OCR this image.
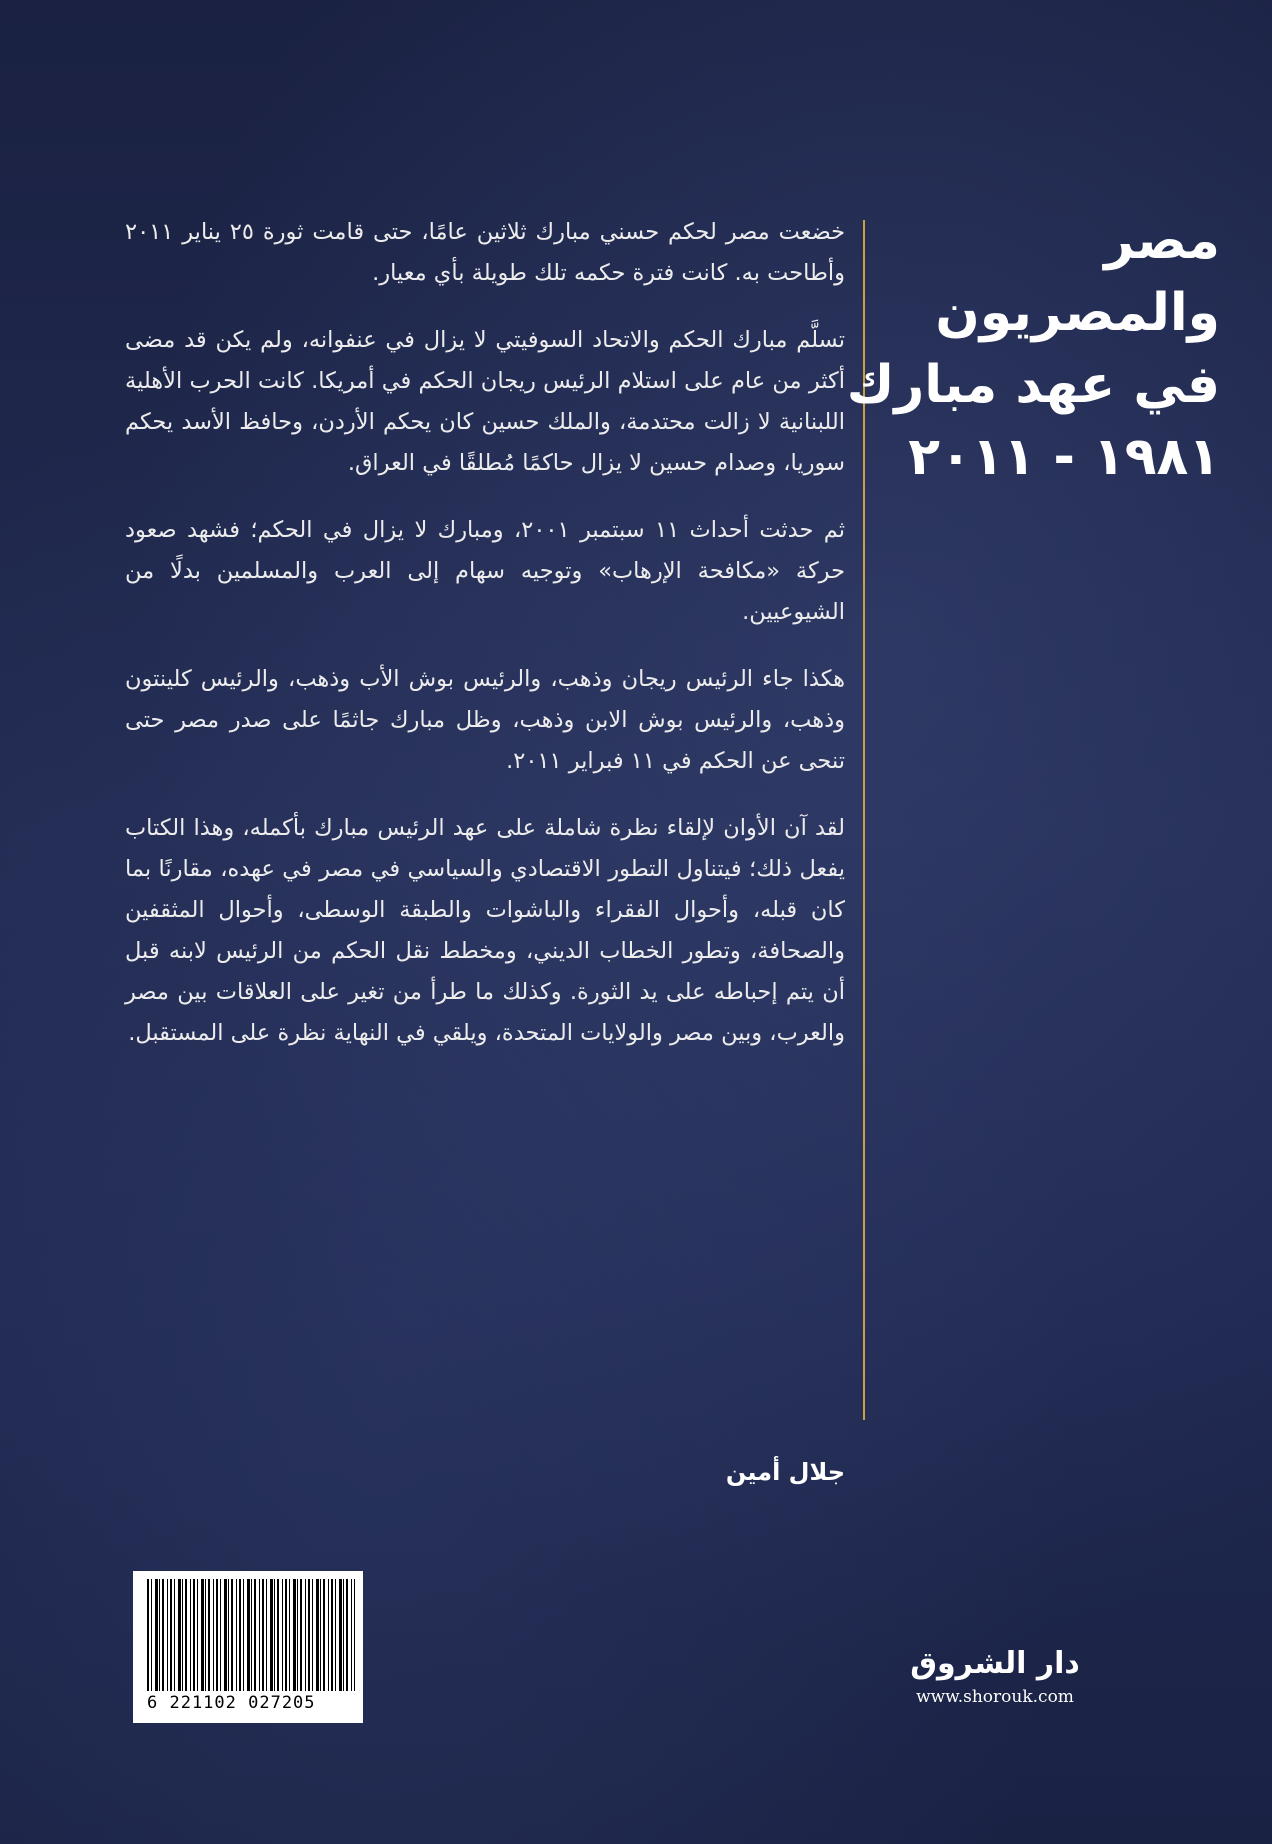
مصر
والمصريون
في عهد مبارك
١٩٨١ - ٢٠١١

خضعت مصر لحكم حسني مبارك ثلاثين عامًا، حتى قامت ثورة ٢٥ يناير ٢٠١١ وأطاحت به. كانت فترة حكمه تلك طويلة بأي معيار.

تسلَّم مبارك الحكم والاتحاد السوفيتي لا يزال في عنفوانه، ولم يكن قد مضى أكثر من عام على استلام الرئيس ريجان الحكم في أمريكا. كانت الحرب الأهلية اللبنانية لا زالت محتدمة، والملك حسين كان يحكم الأردن، وحافظ الأسد يحكم سوريا، وصدام حسين لا يزال حاكمًا مُطلقًا في العراق.

ثم حدثت أحداث ١١ سبتمبر ٢٠٠١، ومبارك لا يزال في الحكم؛ فشهد صعود حركة «مكافحة الإرهاب» وتوجيه سهام إلى العرب والمسلمين بدلًا من الشيوعيين.

هكذا جاء الرئيس ريجان وذهب، والرئيس بوش الأب وذهب، والرئيس كلينتون وذهب، والرئيس بوش الابن وذهب، وظل مبارك جاثمًا على صدر مصر حتى تنحى عن الحكم في ١١ فبراير ٢٠١١.

لقد آن الأوان لإلقاء نظرة شاملة على عهد الرئيس مبارك بأكمله، وهذا الكتاب يفعل ذلك؛ فيتناول التطور الاقتصادي والسياسي في مصر في عهده، مقارنًا بما كان قبله، وأحوال الفقراء والباشوات والطبقة الوسطى، وأحوال المثقفين والصحافة، وتطور الخطاب الديني، ومخطط نقل الحكم من الرئيس لابنه قبل أن يتم إحباطه على يد الثورة. وكذلك ما طرأ من تغير على العلاقات بين مصر والعرب، وبين مصر والولايات المتحدة، ويلقي في النهاية نظرة على المستقبل.

جلال أمين
6 221102 027205
دار الشروق
www.shorouk.com
